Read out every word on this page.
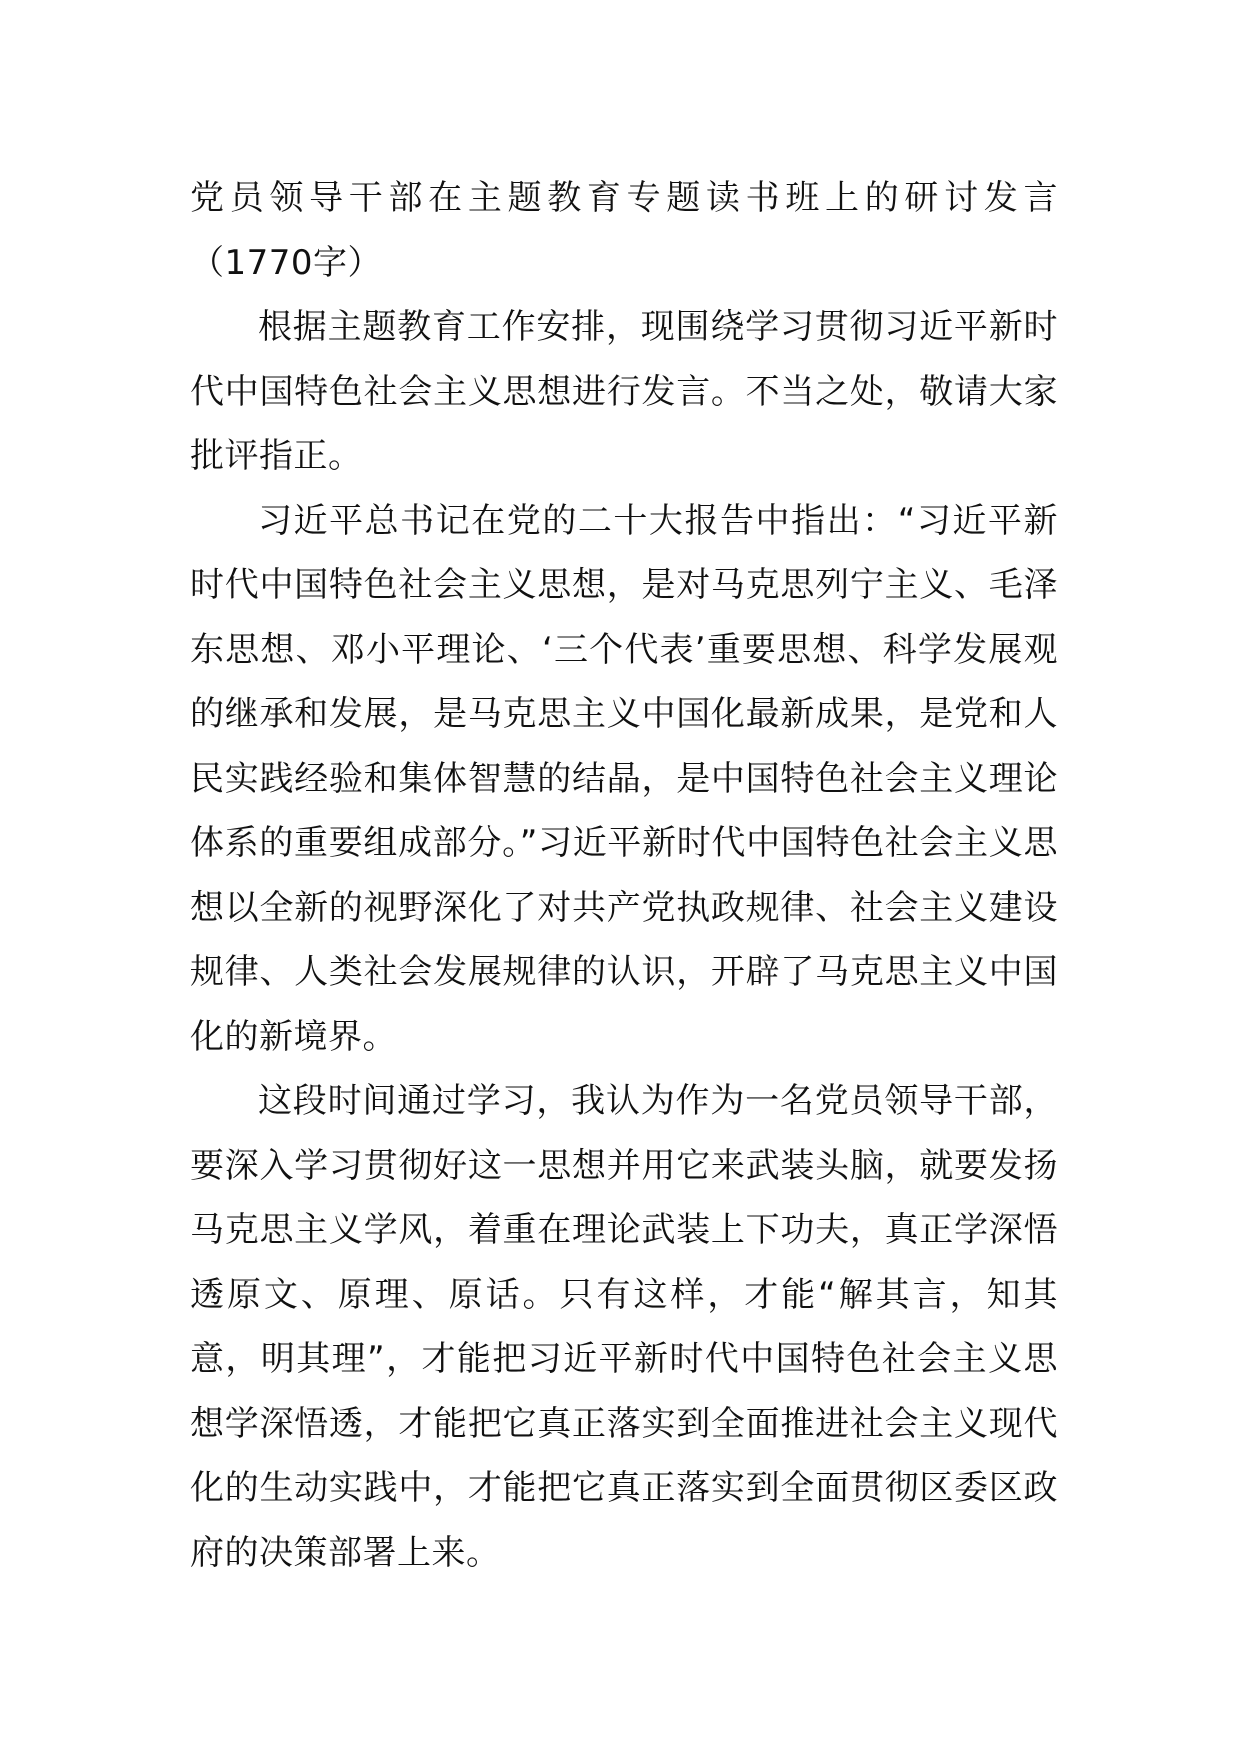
党员领导干部在主题教育专题读书班上的研讨发言（1770字）

根据主题教育工作安排，现围绕学习贯彻习近平新时代中国特色社会主义思想进行发言。不当之处，敬请大家批评指正。

习近平总书记在党的二十大报告中指出：“习近平新时代中国特色社会主义思想，是对马克思列宁主义、毛泽东思想、邓小平理论、‘三个代表’重要思想、科学发展观的继承和发展，是马克思主义中国化最新成果，是党和人民实践经验和集体智慧的结晶，是中国特色社会主义理论体系的重要组成部分。”习近平新时代中国特色社会主义思想以全新的视野深化了对共产党执政规律、社会主义建设规律、人类社会发展规律的认识，开辟了马克思主义中国化的新境界。

这段时间通过学习，我认为作为一名党员领导干部，要深入学习贯彻好这一思想并用它来武装头脑，就要发扬马克思主义学风，着重在理论武装上下功夫，真正学深悟透原文、原理、原话。只有这样，才能“解其言，知其意，明其理”，才能把习近平新时代中国特色社会主义思想学深悟透，才能把它真正落实到全面推进社会主义现代化的生动实践中，才能把它真正落实到全面贯彻区委区政府的决策部署上来。
